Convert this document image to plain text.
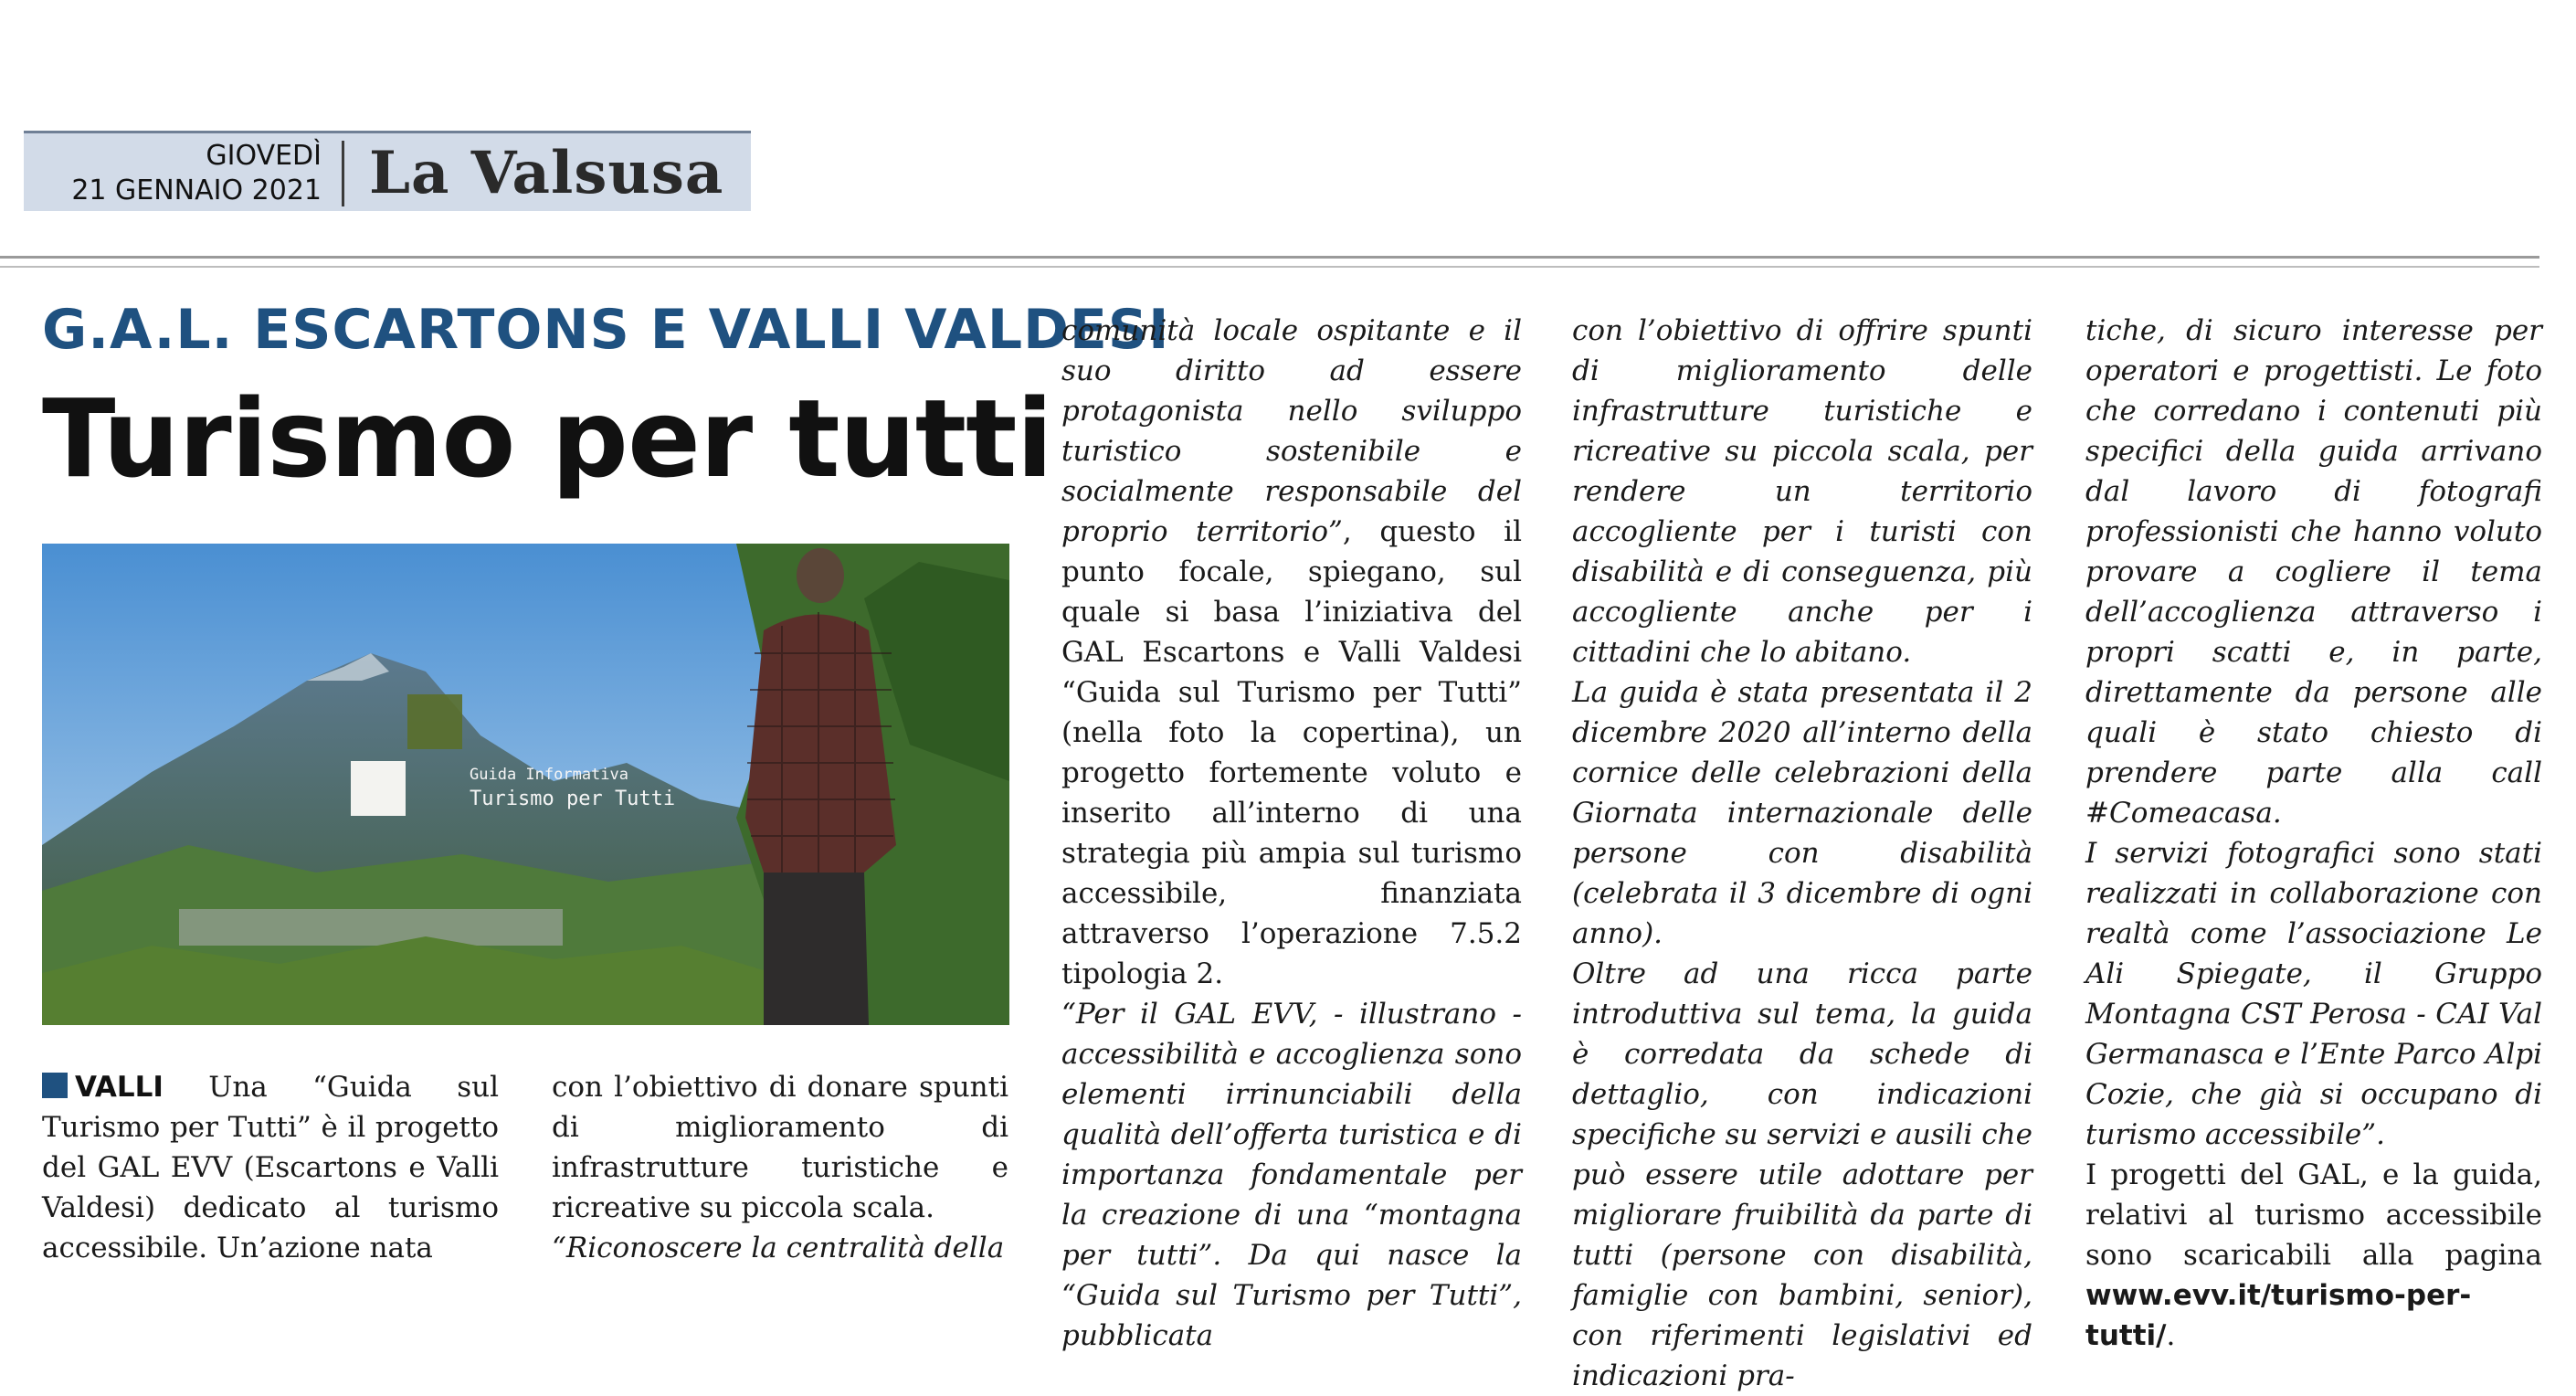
GIOVEDÌ
21 GENNAIO 2021 La Valsusa
G.A.L. ESCARTONS E VALLI VALDESI
Turismo per tutti
Guida Informativa
Turismo per Tutti

VALLI Una “Guida sul Turismo per Tutti” è il progetto del GAL EVV (Escartons e Valli Valdesi) dedicato al turismo accessibile. Un’azione nata

con l’obiettivo di donare spunti di miglioramento di infrastrutture turistiche e ricreative su piccola scala.

“Riconoscere la centralità della

comunità locale ospitante e il suo diritto ad essere protagonista nello sviluppo turistico sostenibile e socialmente responsabile del proprio territorio”, questo il punto focale, spiegano, sul quale si basa l’iniziativa del GAL Escartons e Valli Valdesi “Guida sul Turismo per Tutti” (nella foto la copertina), un progetto fortemente voluto e inserito all’interno di una strategia più ampia sul turismo accessibile, finanziata attraverso l’operazione 7.5.2 tipologia 2.

“Per il GAL EVV, - illustrano - accessibilità e accoglienza sono elementi irrinunciabili della qualità dell’offerta turistica e di importanza fondamentale per la creazione di una “montagna per tutti”. Da qui nasce la “Guida sul Turismo per Tutti”, pubblicata

con l’obiettivo di offrire spunti di miglioramento delle infrastrutture turistiche e ricreative su piccola scala, per rendere un territorio accogliente per i turisti con disabilità e di conseguenza, più accogliente anche per i cittadini che lo abitano.

La guida è stata presentata il 2 dicembre 2020 all’interno della cornice delle celebrazioni della Giornata internazionale delle persone con disabilità (celebrata il 3 dicembre di ogni anno).

Oltre ad una ricca parte introduttiva sul tema, la guida è corredata da schede di dettaglio, con indicazioni specifiche su servizi e ausili che può essere utile adottare per migliorare fruibilità da parte di tutti (persone con disabilità, famiglie con bambini, senior), con riferimenti legislativi ed indicazioni pra-

tiche, di sicuro interesse per operatori e progettisti. Le foto che corredano i contenuti più specifici della guida arrivano dal lavoro di fotografi professionisti che hanno voluto provare a cogliere il tema dell’accoglienza attraverso i propri scatti e, in parte, direttamente da persone alle quali è stato chiesto di prendere parte alla call #Comeacasa.

I servizi fotografici sono stati realizzati in collaborazione con realtà come l’associazione Le Ali Spiegate, il Gruppo Montagna CST Perosa - CAI Val Germanasca e l’Ente Parco Alpi Cozie, che già si occupano di turismo accessibile”.

I progetti del GAL, e la guida, relativi al turismo accessibile sono scaricabili alla pagina www.evv.it/turismo-per-tutti/.
